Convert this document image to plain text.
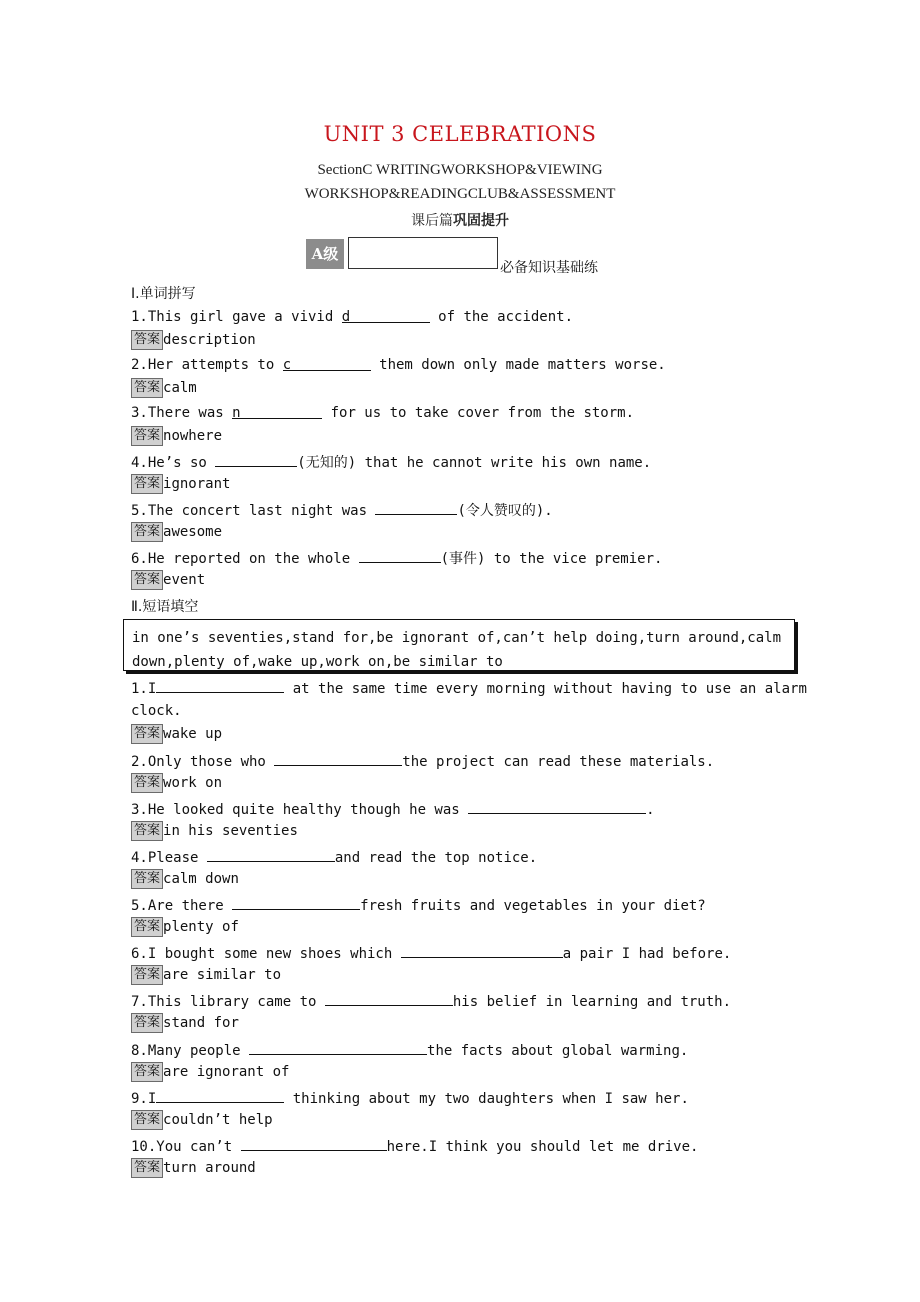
UNIT 3 CELEBRATIONS
SectionC WRITINGWORKSHOP&VIEWING
WORKSHOP&READINGCLUB&ASSESSMENT
课后篇巩固提升
A级
必备知识基础练
Ⅰ.单词拼写
1.This girl gave a vivid d	of the accident.
答案 description
2.Her attempts to c	them down only made matters worse.
答案 calm
3.There was n	for us to take cover from the storm.
答案 nowhere
4.He’s so	(无知的) that he cannot write his own name.
答案 ignorant
5.The concert last night was	(令人赞叹的).
答案 awesome
6.He reported on the whole	(事件) to the vice premier.
答案 event
Ⅱ.短语填空
in one’s seventies,stand for,be ignorant of,can’t help doing,turn around,calm down,plenty of,wake up,work on,be similar to
1.I	at the same time every morning without having to use an alarm
clock.
答案 wake up
2.Only those who	the project can read these materials.
答案 work on
3.He looked quite healthy though he was	.
答案 in his seventies
4.Please	and read the top notice.
答案 calm down
5.Are there	fresh fruits and vegetables in your diet?
答案 plenty of
6.I bought some new shoes which	a pair I had before.
答案 are similar to
7.This library came to	his belief in learning and truth.
答案 stand for
8.Many people	the facts about global warming.
答案 are ignorant of
9.I	thinking about my two daughters when I saw her.
答案 couldn’t help
10.You can’t	here.I think you should let me drive.
答案 turn around
